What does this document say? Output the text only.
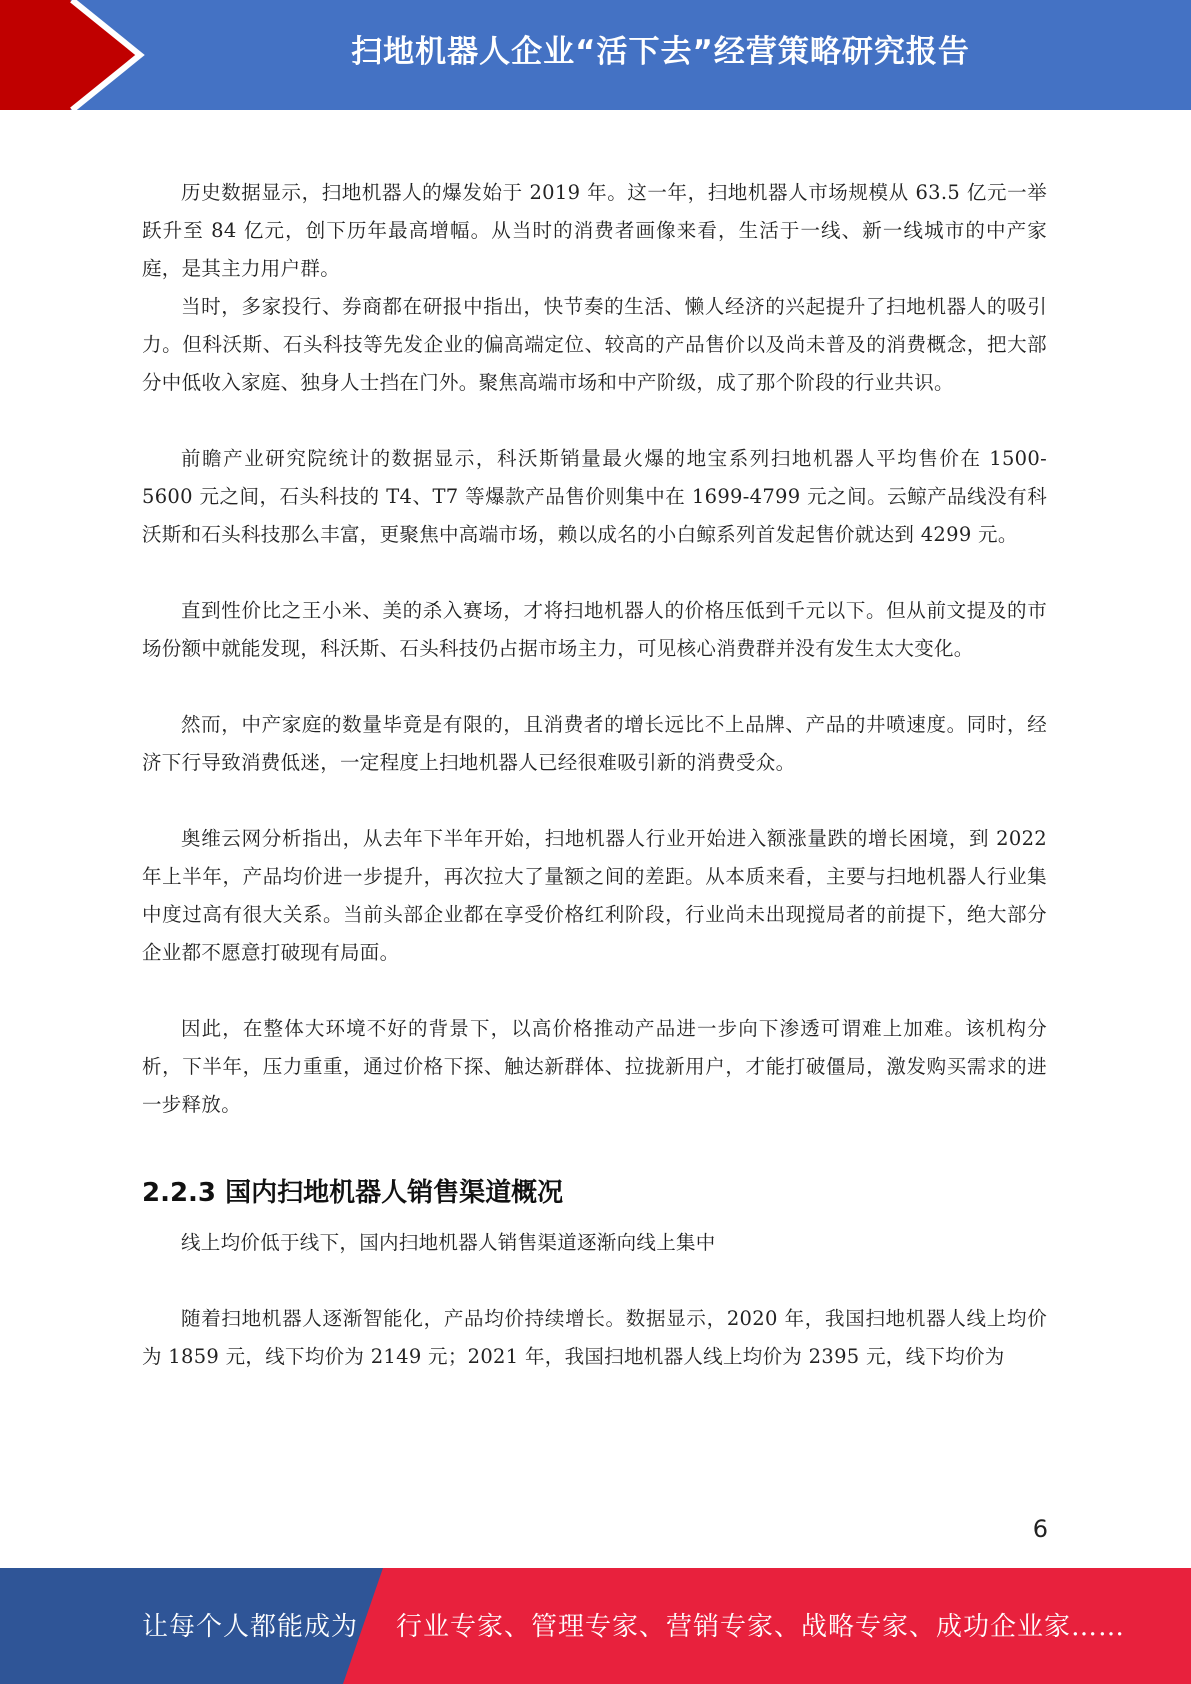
扫地机器人企业“活下去”经营策略研究报告

历史数据显示，扫地机器人的爆发始于 2019 年。这一年，扫地机器人市场规模从 63.5 亿元一举跃升至 84 亿元，创下历年最高增幅。从当时的消费者画像来看，生活于一线、新一线城市的中产家庭，是其主力用户群。

当时，多家投行、券商都在研报中指出，快节奏的生活、懒人经济的兴起提升了扫地机器人的吸引力。但科沃斯、石头科技等先发企业的偏高端定位、较高的产品售价以及尚未普及的消费概念，把大部分中低收入家庭、独身人士挡在门外。聚焦高端市场和中产阶级，成了那个阶段的行业共识。

前瞻产业研究院统计的数据显示，科沃斯销量最火爆的地宝系列扫地机器人平均售价在 1500-5600 元之间，石头科技的 T4、T7 等爆款产品售价则集中在 1699-4799 元之间。云鲸产品线没有科沃斯和石头科技那么丰富，更聚焦中高端市场，赖以成名的小白鲸系列首发起售价就达到 4299 元。

直到性价比之王小米、美的杀入赛场，才将扫地机器人的价格压低到千元以下。但从前文提及的市场份额中就能发现，科沃斯、石头科技仍占据市场主力，可见核心消费群并没有发生太大变化。

然而，中产家庭的数量毕竟是有限的，且消费者的增长远比不上品牌、产品的井喷速度。同时，经济下行导致消费低迷，一定程度上扫地机器人已经很难吸引新的消费受众。

奥维云网分析指出，从去年下半年开始，扫地机器人行业开始进入额涨量跌的增长困境，到 2022 年上半年，产品均价进一步提升，再次拉大了量额之间的差距。从本质来看，主要与扫地机器人行业集中度过高有很大关系。当前头部企业都在享受价格红利阶段，行业尚未出现搅局者的前提下，绝大部分企业都不愿意打破现有局面。

因此，在整体大环境不好的背景下，以高价格推动产品进一步向下渗透可谓难上加难。该机构分析，下半年，压力重重，通过价格下探、触达新群体、拉拢新用户，才能打破僵局，激发购买需求的进一步释放。

2.2.3 国内扫地机器人销售渠道概况

线上均价低于线下，国内扫地机器人销售渠道逐渐向线上集中

随着扫地机器人逐渐智能化，产品均价持续增长。数据显示，2020 年，我国扫地机器人线上均价为 1859 元，线下均价为 2149 元；2021 年，我国扫地机器人线上均价为 2395 元，线下均价为

6
让每个人都能成为 行业专家、管理专家、营销专家、战略专家、成功企业家……
